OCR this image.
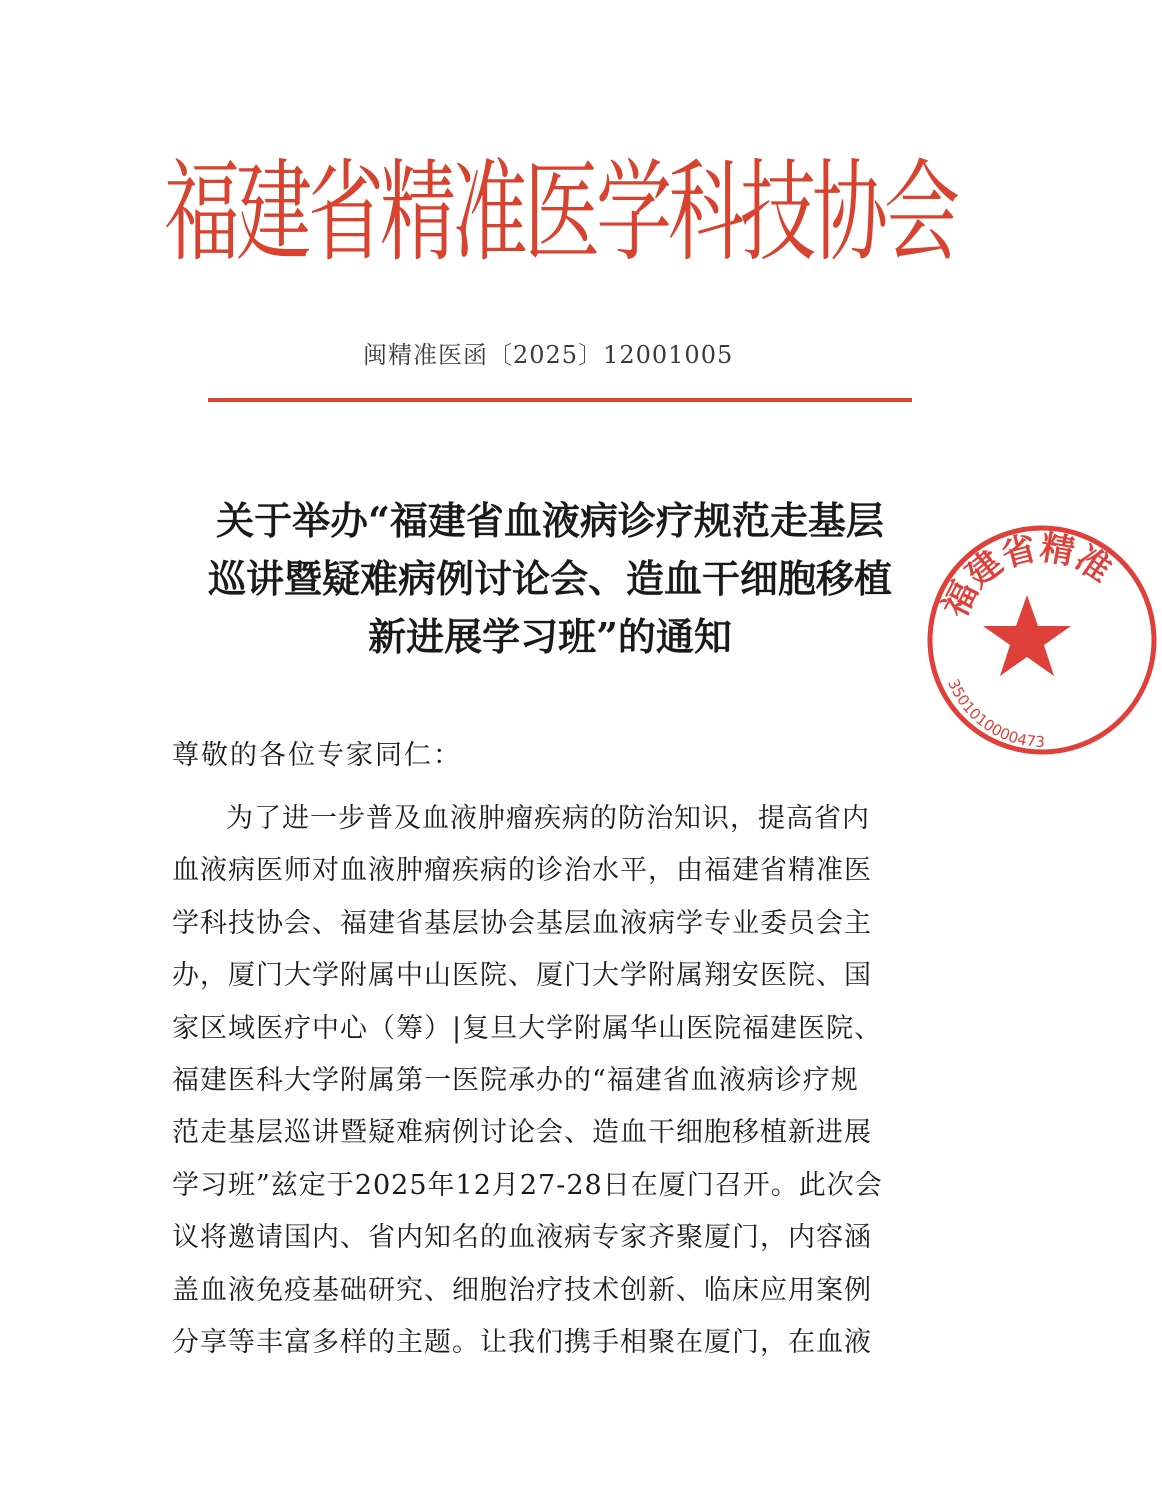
福建省精准医学科技协会
闽精准医函〔2025〕12001005
关于举办“福建省血液病诊疗规范走基层
巡讲暨疑难病例讨论会、造血干细胞移植
新进展学习班”的通知
尊敬的各位专家同仁：
为了进一步普及血液肿瘤疾病的防治知识，提高省内
血液病医师对血液肿瘤疾病的诊治水平，由福建省精准医
学科技协会、福建省基层协会基层血液病学专业委员会主
办，厦门大学附属中山医院、厦门大学附属翔安医院、国
家区域医疗中心（筹）|复旦大学附属华山医院福建医院、
福建医科大学附属第一医院承办的“福建省血液病诊疗规
范走基层巡讲暨疑难病例讨论会、造血干细胞移植新进展
学习班”兹定于2025年12月27-28日在厦门召开。此次会
议将邀请国内、省内知名的血液病专家齐聚厦门，内容涵
盖血液免疫基础研究、细胞治疗技术创新、临床应用案例
分享等丰富多样的主题。让我们携手相聚在厦门，在血液
福建省精准
3501010000473
